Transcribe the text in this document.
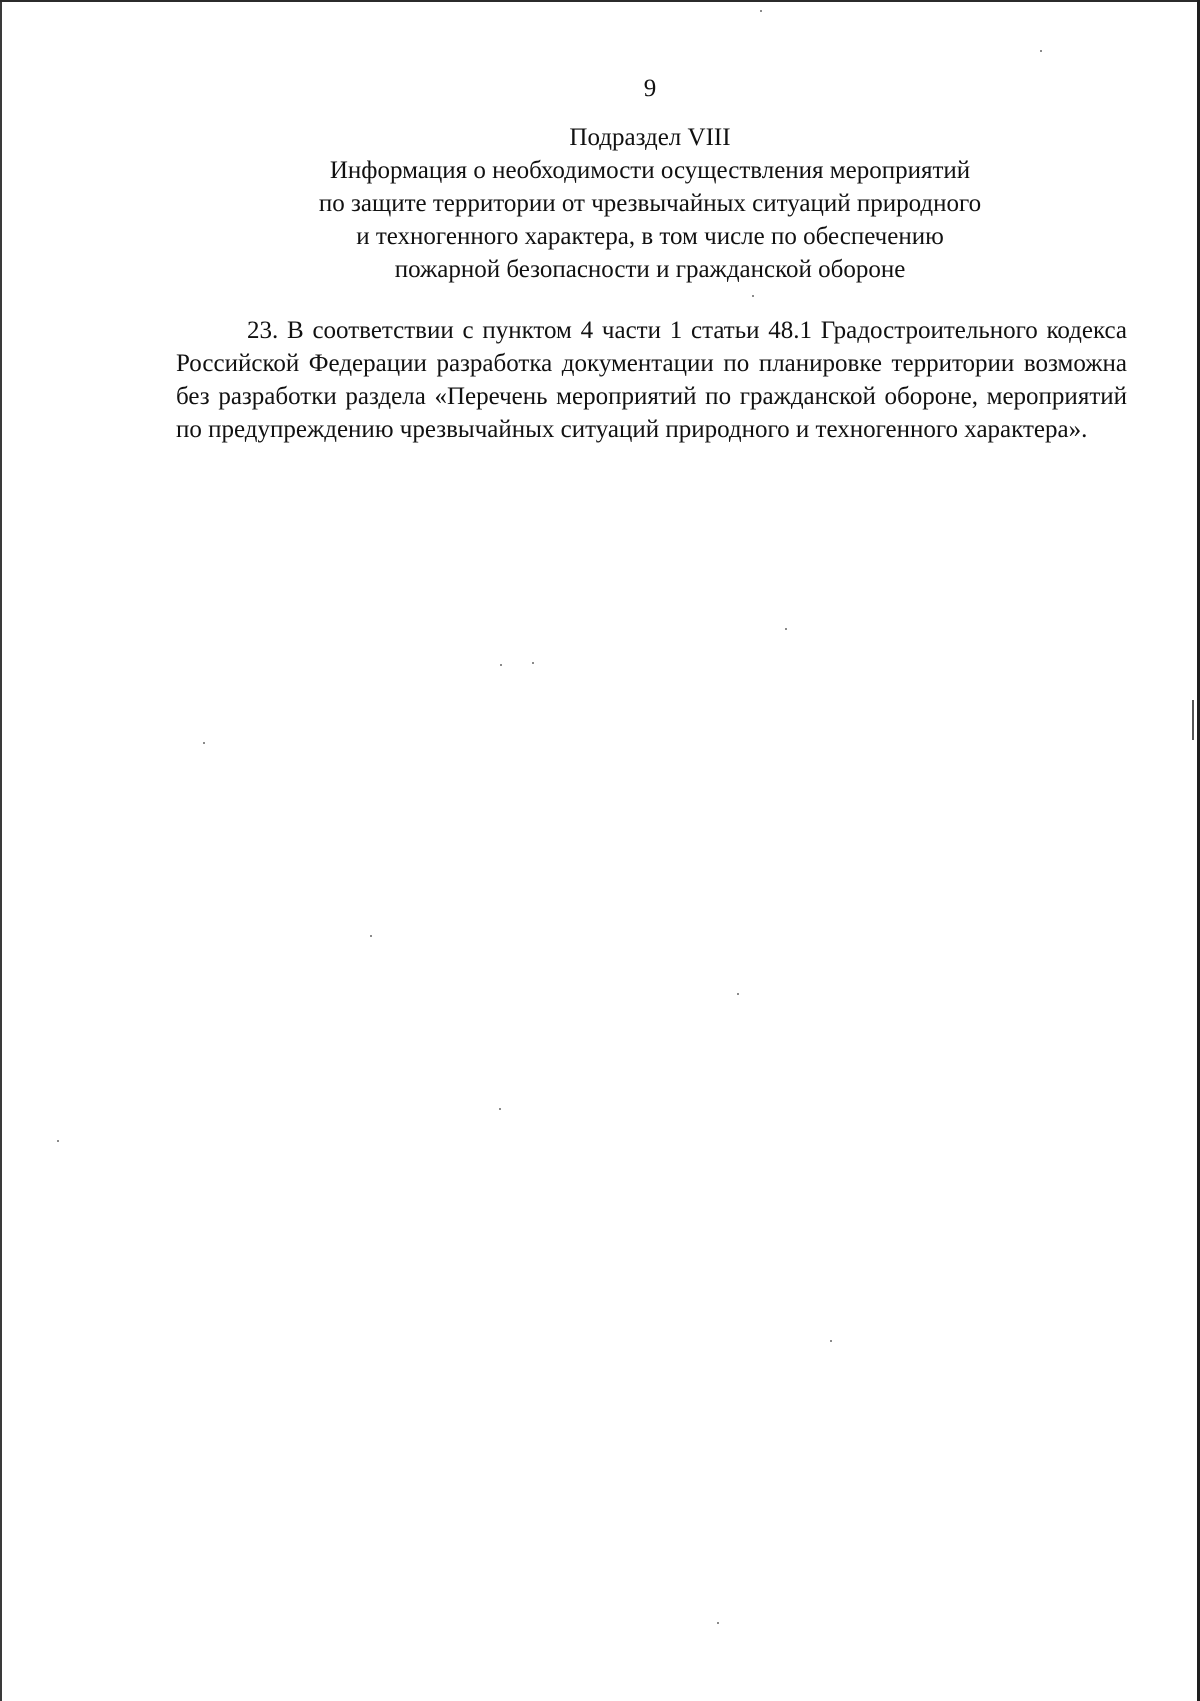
9
Подраздел VIII
Информация о необходимости осуществления мероприятий
по защите территории от чрезвычайных ситуаций природного
и техногенного характера, в том числе по обеспечению
пожарной безопасности и гражданской обороне

23. В соответствии с пунктом 4 части 1 статьи 48.1 Градостроительного кодекса Российской Федерации разработка документации по планировке территории возможна без разработки раздела «Перечень мероприятий по гражданской обороне, мероприятий по предупреждению чрезвычайных ситуаций природного и техногенного характера».
